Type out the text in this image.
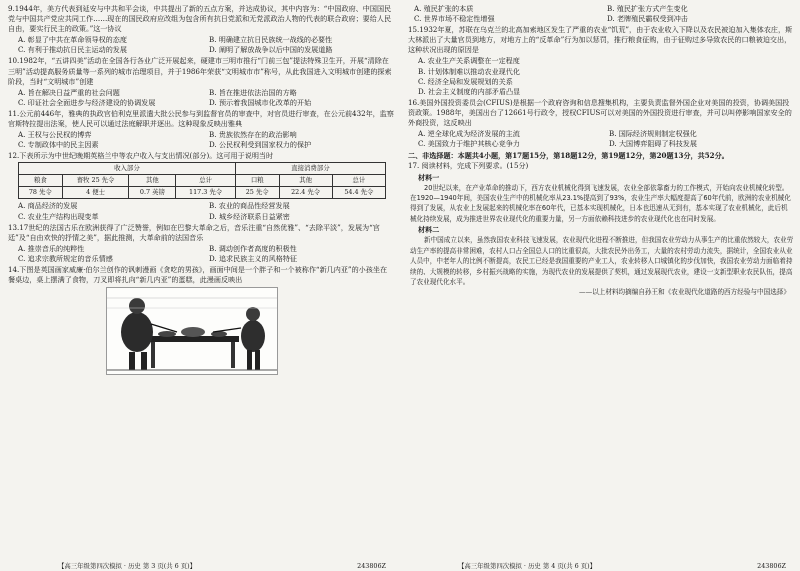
9.1944年，美方代表到延安与中共和平会谈，中共提出了新的五点方案，并达成协议，其中内容为：“中国政府、中国国民党与中国共产党应共同工作……现在的国民政府应改组为包含所有抗日党派和无党派政治人物的代表的联合政府；要给人民自由，要实行民主的政策。”这一协议

A. 彰显了中共在革命领导权的态度	B. 明确建立抗日民族统一战线的必要性
C. 有利于推动抗日民主运动的发展	D. 阐明了解放战争以后中国的发展道路

10.1982年，“五讲四美”活动在全国各行各业广泛开展起来，硬建市三明市推行“门前三包”提法特殊卫生开，开展“清除在三明”活动提高服务质量等一系列的城市治理项目，并于1986年荣获“文明城市市”称号，从此我国进入文明城市创建的探索阶段，当时“文明城市”创建

A. 旨在解决日益严重的社会问题	B. 旨在推进依法治国的方略
C. 印证社会全面进步与经济建设的协调发展	D. 预示着我国城市化改革的开始

11.公元前446年，雅典的执政官伯利克里派遣大批公民参与到监督官员的审查中，对官员进行审查，在公元前432年，监察官斯特拉提出法案，使人民可以通过法庭解职并逐出。这种现象反映出雅典

A. 王权与公民权的博弈	B. 贵族依然存在的政治影响
C. 专制政体中的民主因素	D. 公民权利受到国家权力的保护

12.下表所示为中世纪晚期英格兰中等农户收入与支出情况(部分)。这可用于说明当时

收入部分				直接消费部分		
粮食	畜牧 25 先令	其他	总计	口粮	其他	总计
78 先令	4 便士	0.7 英镑	117.3 先令	25 先令	22.4 先令	54.4 先令
A. 商品经济的发展	B. 农业的商品性经营发展
C. 农业生产结构出现变革	D. 城乡经济联系日益紧密

13.17世纪的法国古乐在欧洲获得了广泛赞誉，例如在巴黎大革命之后，音乐注重“自然优雅”、“去除平淡”，发展为“宫廷”及“自由欢快的抒情之美”，据此推测，大革命前的法国音乐

A. 推崇音乐的纯粹性	B. 调动创作者高度的积极性
C. 追求宗教所规定的音乐情感	D. 追求民族主义的风格特征

14.下图是英国画家威廉·伯尔兰创作的讽刺漫画《贪吃的男孩》，画面中间是一个胖子和一个被称作“新几内亚”的小孩坐在餐桌边，桌上摆满了食物，刀叉即将扎向“新几内亚”的蛋糕，此漫画反映出

【高三年级第四次模拟 · 历史 第 3 页(共 6 页)】	243806Z
A. 殖民扩张的本质	B. 殖民扩张方式产生变化
C. 世界市场不稳定性增强	D. 老牌殖民霸权受到冲击

15.1932年夏，苏联在乌克兰的北高加索地区发生了严重的农业“饥荒”，由于农业收入下降以及农民被迫加入集体农庄，斯大林派出了大量官员到地方，对地方上的“反革命”行为加以惩罚，推行粮食征购，由于征购过多导致农民的口粮被迫交出，这种状况出现的原因是

A. 农业生产关系调整在一定程度
B. 计划体制难以推动农业现代化
C. 经济全局和发展规划的关系
D. 社会主义制度的内部矛盾凸显

16.美国外国投资委员会(CFIUS)是根据一个政府咨询和信息搜集机构，主要负责监督外国企业对美国的投资，协调美国投资政策。1988年，美国出台了12661号行政令，授权CFIUS可以对美国的外国投资进行审查，并可以叫停影响国家安全的外商投资，这反映出

A. 逆全球化成为经济发展的主流	B. 国际经济规则制定权强化
C. 美国致力于维护其核心竞争力	D. 大国博弈阻碍了科技发展

二、非选择题：本题共4小题，第17题15分，第18题12分，第19题12分，第20题13分，共52分。

17. 阅读材料，完成下列要求。(15分)

材料一

20世纪以来，在产业革命的推动下，西方农业机械化得到飞速发展，农业全部依靠畜力的工作模式，开始向农业机械化转型。在1920—1940年间，美国农业生产中的机械化率从23.1%提高到了93%，农业生产率大幅度提高了60年代前，欧洲的农业机械化得到了发展，从农业上发展起来的机械化率在60年代，已基本实现机械化，日本也迅速从无到有，基本实现了农业机械化，此后机械化持续发展，成为推进世界农业现代化的重要力量，另一方面依赖科技进步的农业现代化也在同时发展。

材料二

新中国成立以来，虽然我国农业科技飞速发展，农业现代化进程不断推进，但我国农业劳动力从事生产的比重依然较大，农业劳动生产率的提高非常困难，农村人口占全国总人口的比重很高，大批农民外出务工，大量的农村劳动力流失，据统计，全国农业从业人员中，中老年人的比例不断提高，农民工已经是我国重要的产业工人，农业转移人口城镇化的步伐加快，我国农业劳动力面临着持续的、大规模的转移，乡村振兴战略的实施，为现代农业的发展提供了契机，通过发展现代农业，建设一支新型职业农民队伍，提高了农业现代化水平。

——以上材料均摘编自孙王和《农业现代化道路的西方经验与中国选择》

【高三年级第四次模拟 · 历史 第 4 页(共 6 页)】	243806Z
